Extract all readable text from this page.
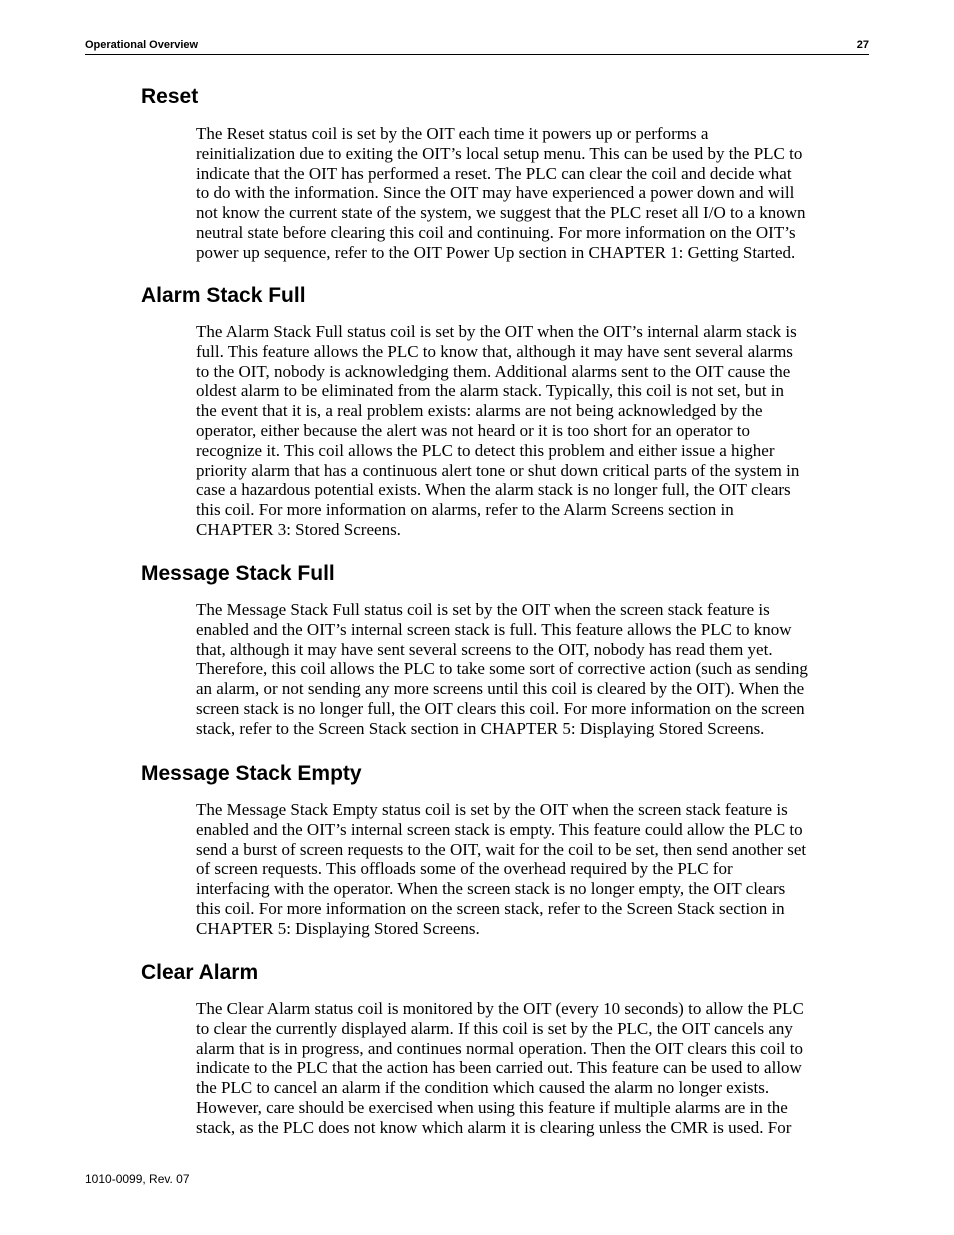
Operational Overview	27
Reset
The Reset status coil is set by the OIT each time it powers up or performs a
reinitialization due to exiting the OIT’s local setup menu. This can be used by the PLC to
indicate that the OIT has performed a reset. The PLC can clear the coil and decide what
to do with the information. Since the OIT may have experienced a power down and will
not know the current state of the system, we suggest that the PLC reset all I/O to a known
neutral state before clearing this coil and continuing. For more information on the OIT’s
power up sequence, refer to the OIT Power Up section in CHAPTER 1: Getting Started.
Alarm Stack Full
The Alarm Stack Full status coil is set by the OIT when the OIT’s internal alarm stack is
full. This feature allows the PLC to know that, although it may have sent several alarms
to the OIT, nobody is acknowledging them. Additional alarms sent to the OIT cause the
oldest alarm to be eliminated from the alarm stack. Typically, this coil is not set, but in
the event that it is, a real problem exists: alarms are not being acknowledged by the
operator, either because the alert was not heard or it is too short for an operator to
recognize it. This coil allows the PLC to detect this problem and either issue a higher
priority alarm that has a continuous alert tone or shut down critical parts of the system in
case a hazardous potential exists. When the alarm stack is no longer full, the OIT clears
this coil. For more information on alarms, refer to the Alarm Screens section in
CHAPTER 3: Stored Screens.
Message Stack Full
The Message Stack Full status coil is set by the OIT when the screen stack feature is
enabled and the OIT’s internal screen stack is full. This feature allows the PLC to know
that, although it may have sent several screens to the OIT, nobody has read them yet.
Therefore, this coil allows the PLC to take some sort of corrective action (such as sending
an alarm, or not sending any more screens until this coil is cleared by the OIT). When the
screen stack is no longer full, the OIT clears this coil. For more information on the screen
stack, refer to the Screen Stack section in CHAPTER 5: Displaying Stored Screens.
Message Stack Empty
The Message Stack Empty status coil is set by the OIT when the screen stack feature is
enabled and the OIT’s internal screen stack is empty. This feature could allow the PLC to
send a burst of screen requests to the OIT, wait for the coil to be set, then send another set
of screen requests. This offloads some of the overhead required by the PLC for
interfacing with the operator. When the screen stack is no longer empty, the OIT clears
this coil. For more information on the screen stack, refer to the Screen Stack section in
CHAPTER 5: Displaying Stored Screens.
Clear Alarm
The Clear Alarm status coil is monitored by the OIT (every 10 seconds) to allow the PLC
to clear the currently displayed alarm. If this coil is set by the PLC, the OIT cancels any
alarm that is in progress, and continues normal operation. Then the OIT clears this coil to
indicate to the PLC that the action has been carried out. This feature can be used to allow
the PLC to cancel an alarm if the condition which caused the alarm no longer exists.
However, care should be exercised when using this feature if multiple alarms are in the
stack, as the PLC does not know which alarm it is clearing unless the CMR is used. For
1010-0099, Rev. 07
